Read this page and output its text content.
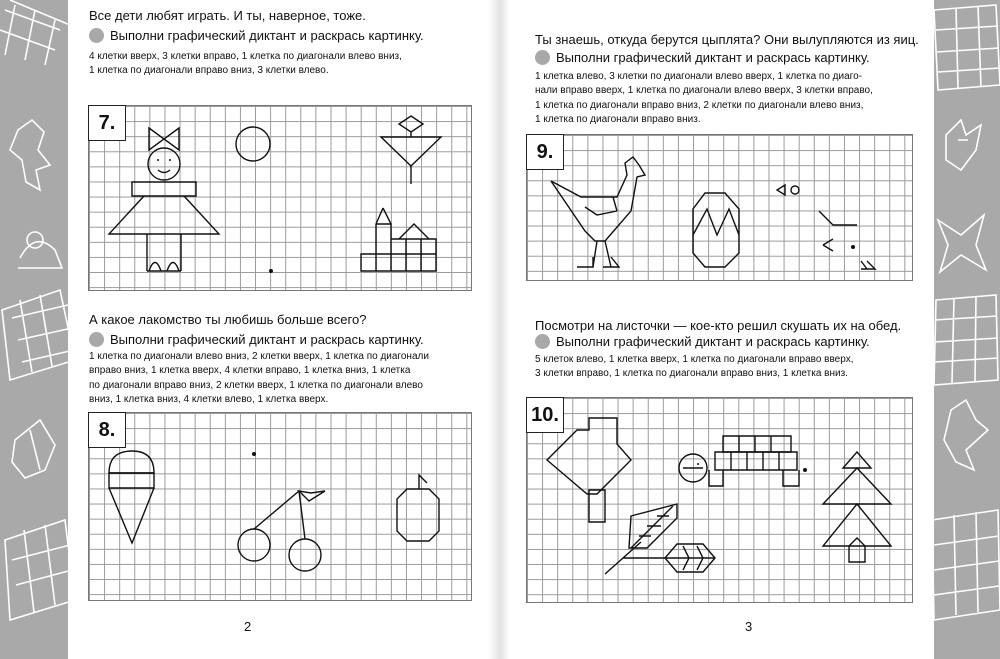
Все дети любят играть. И ты, наверное, тоже.
Выполни графический диктант и раскрась картинку.
4 клетки вверх, 3 клетки вправо, 1 клетка по диагонали влево вниз,
1 клетка по диагонали вправо вниз, 3 клетки влево.
7.
А какое лакомство ты любишь больше всего?
Выполни графический диктант и раскрась картинку.
1 клетка по диагонали влево вниз, 2 клетки вверх, 1 клетка по диагонали
вправо вниз, 1 клетка вверх, 4 клетки вправо, 1 клетка вниз, 1 клетка
по диагонали вправо вниз, 2 клетки вверх, 1 клетка по диагонали влево
вниз, 1 клетка вниз, 4 клетки влево, 1 клетка вверх.
8.
2
Ты знаешь, откуда берутся цыплята? Они вылупляются из яиц.
Выполни графический диктант и раскрась картинку.
1 клетка влево, 3 клетки по диагонали влево вверх, 1 клетка по диаго-
нали вправо вверх, 1 клетка по диагонали влево вверх, 3 клетки вправо,
1 клетка по диагонали вправо вниз, 2 клетки по диагонали влево вниз,
1 клетка по диагонали вправо вниз.
9.
Посмотри на листочки — кое-кто решил скушать их на обед.
Выполни графический диктант и раскрась картинку.
5 клеток влево, 1 клетка вверх, 1 клетка по диагонали вправо вверх,
3 клетки вправо, 1 клетка по диагонали вправо вниз, 1 клетка вниз.
10.
3
